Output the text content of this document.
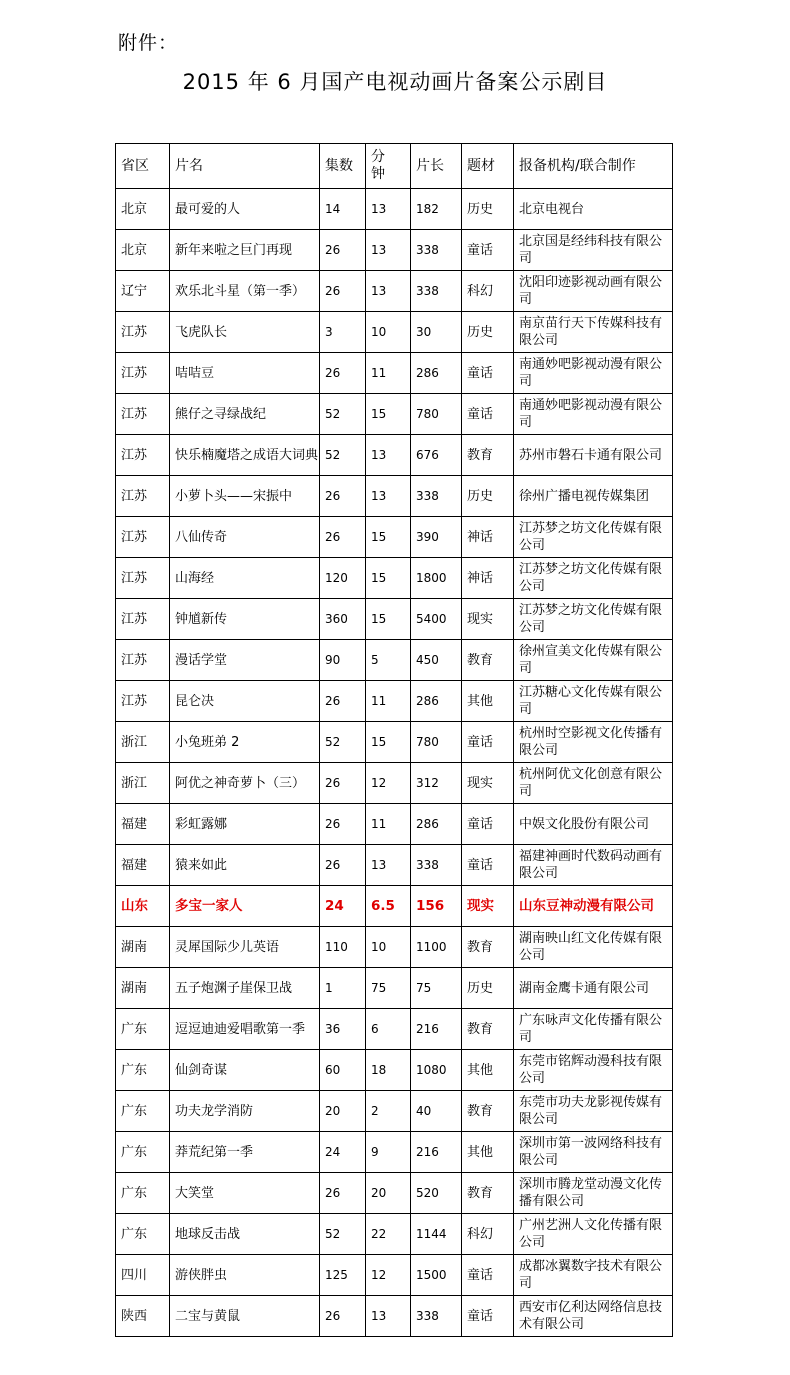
附件：
2015 年 6 月国产电视动画片备案公示剧目
省区	片名	集数	分钟	片长	题材	报备机构/联合制作
北京	最可爱的人	14	13	182	历史	北京电视台
北京	新年来啦之巨门再现	26	13	338	童话	北京国是经纬科技有限公司
辽宁	欢乐北斗星（第一季）	26	13	338	科幻	沈阳印迹影视动画有限公司
江苏	飞虎队长	3	10	30	历史	南京苗行天下传媒科技有限公司
江苏	咭咭豆	26	11	286	童话	南通妙吧影视动漫有限公司
江苏	熊仔之寻绿战纪	52	15	780	童话	南通妙吧影视动漫有限公司
江苏	快乐楠魔塔之成语大词典	52	13	676	教育	苏州市磐石卡通有限公司
江苏	小萝卜头——宋振中	26	13	338	历史	徐州广播电视传媒集团
江苏	八仙传奇	26	15	390	神话	江苏梦之坊文化传媒有限公司
江苏	山海经	120	15	1800	神话	江苏梦之坊文化传媒有限公司
江苏	钟馗新传	360	15	5400	现实	江苏梦之坊文化传媒有限公司
江苏	漫话学堂	90	5	450	教育	徐州宣美文化传媒有限公司
江苏	昆仑决	26	11	286	其他	江苏糖心文化传媒有限公司
浙江	小兔班弟 2	52	15	780	童话	杭州时空影视文化传播有限公司
浙江	阿优之神奇萝卜（三）	26	12	312	现实	杭州阿优文化创意有限公司
福建	彩虹露娜	26	11	286	童话	中娱文化股份有限公司
福建	猿来如此	26	13	338	童话	福建神画时代数码动画有限公司
山东	多宝一家人	24	6.5	156	现实	山东豆神动漫有限公司
湖南	灵犀国际少儿英语	110	10	1100	教育	湖南映山红文化传媒有限公司
湖南	五子炮渊子崖保卫战	1	75	75	历史	湖南金鹰卡通有限公司
广东	逗逗迪迪爱唱歌第一季	36	6	216	教育	广东咏声文化传播有限公司
广东	仙剑奇谋	60	18	1080	其他	东莞市铭辉动漫科技有限公司
广东	功夫龙学消防	20	2	40	教育	东莞市功夫龙影视传媒有限公司
广东	莽荒纪第一季	24	9	216	其他	深圳市第一波网络科技有限公司
广东	大笑堂	26	20	520	教育	深圳市腾龙堂动漫文化传播有限公司
广东	地球反击战	52	22	1144	科幻	广州艺洲人文化传播有限公司
四川	游侠胖虫	125	12	1500	童话	成都冰翼数字技术有限公司
陕西	二宝与黄鼠	26	13	338	童话	西安市亿利达网络信息技术有限公司
